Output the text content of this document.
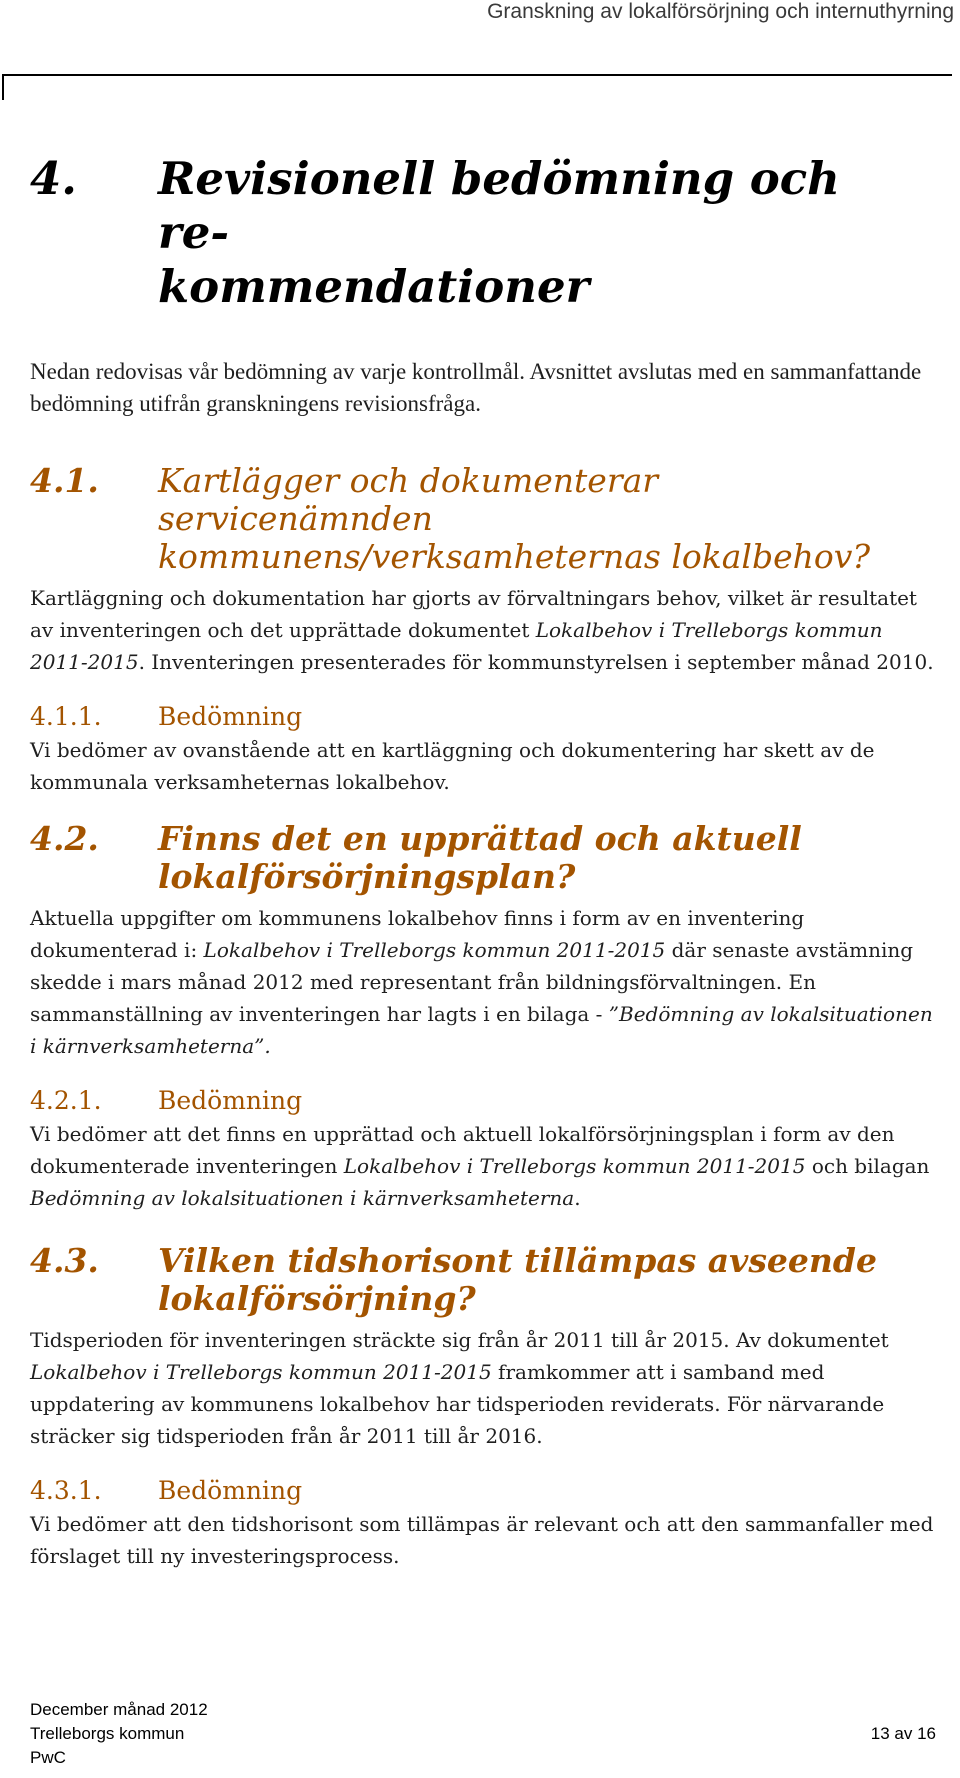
Granskning av lokalförsörjning och internuthyrning
4.	Revisionell bedömning och re-
kommendationer

Nedan redovisas vår bedömning av varje kontrollmål. Avsnittet avslutas med en sammanfattande bedömning utifrån granskningens revisionsfråga.

4.1.	Kartlägger och dokumenterar servicenämnden kommunens/verksamheternas lokalbehov?

Kartläggning och dokumentation har gjorts av förvaltningars behov, vilket är resultatet av inventeringen och det upprättade dokumentet Lokalbehov i Trelleborgs kommun 2011-2015. Inventeringen presenterades för kommunstyrelsen i september månad 2010.

4.1.1.	Bedömning

Vi bedömer av ovanstående att en kartläggning och dokumentering har skett av de kommunala verksamheternas lokalbehov.

4.2.	Finns det en upprättad och aktuell lokalförsörjningsplan?

Aktuella uppgifter om kommunens lokalbehov finns i form av en inventering dokumenterad i: Lokalbehov i Trelleborgs kommun 2011-2015 där senaste avstämning skedde i mars månad 2012 med representant från bildningsförvaltningen. En sammanställning av inventeringen har lagts i en bilaga - ”Bedömning av lokalsituationen i kärnverksamheterna”.

4.2.1.	Bedömning

Vi bedömer att det finns en upprättad och aktuell lokalförsörjningsplan i form av den dokumenterade inventeringen Lokalbehov i Trelleborgs kommun 2011-2015 och bilagan Bedömning av lokalsituationen i kärnverksamheterna.

4.3.	Vilken tidshorisont tillämpas avseende lokalförsörjning?

Tidsperioden för inventeringen sträckte sig från år 2011 till år 2015. Av dokumentet Lokalbehov i Trelleborgs kommun 2011-2015 framkommer att i samband med uppdatering av kommunens lokalbehov har tidsperioden reviderats. För närvarande sträcker sig tidsperioden från år 2011 till år 2016.

4.3.1.	Bedömning

Vi bedömer att den tidshorisont som tillämpas är relevant och att den sammanfaller med förslaget till ny investeringsprocess.

December månad 2012
Trelleborgs kommun
PwC
13 av 16
